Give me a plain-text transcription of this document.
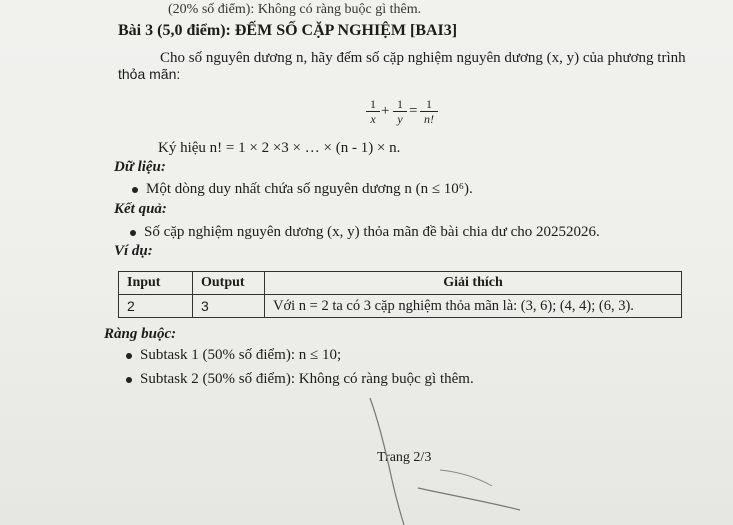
(20% số điểm): Không có ràng buộc gì thêm.
Bài 3 (5,0 điểm): ĐẾM SỐ CẶP NGHIỆM [BAI3]
Cho số nguyên dương n, hãy đếm số cặp nghiệm nguyên dương (x, y) của phương trình
thỏa mãn:
$\frac{1}{x} + \frac{1}{y} = \frac{1}{n!}$
Ký hiệu n! = 1 × 2 ×3 × … × (n - 1) × n.
Dữ liệu:
Một dòng duy nhất chứa số nguyên dương n (n ≤ 10⁶).
Kết quả:
Số cặp nghiệm nguyên dương (x, y) thỏa mãn đề bài chia dư cho 20252026.
Ví dụ:
Input	Output	Giải thích
2	3	Với n = 2 ta có 3 cặp nghiệm thỏa mãn là: (3, 6); (4, 4); (6, 3).
Ràng buộc:
Subtask 1 (50% số điểm): n ≤ 10;
Subtask 2 (50% số điểm): Không có ràng buộc gì thêm.
Trang 2/3
